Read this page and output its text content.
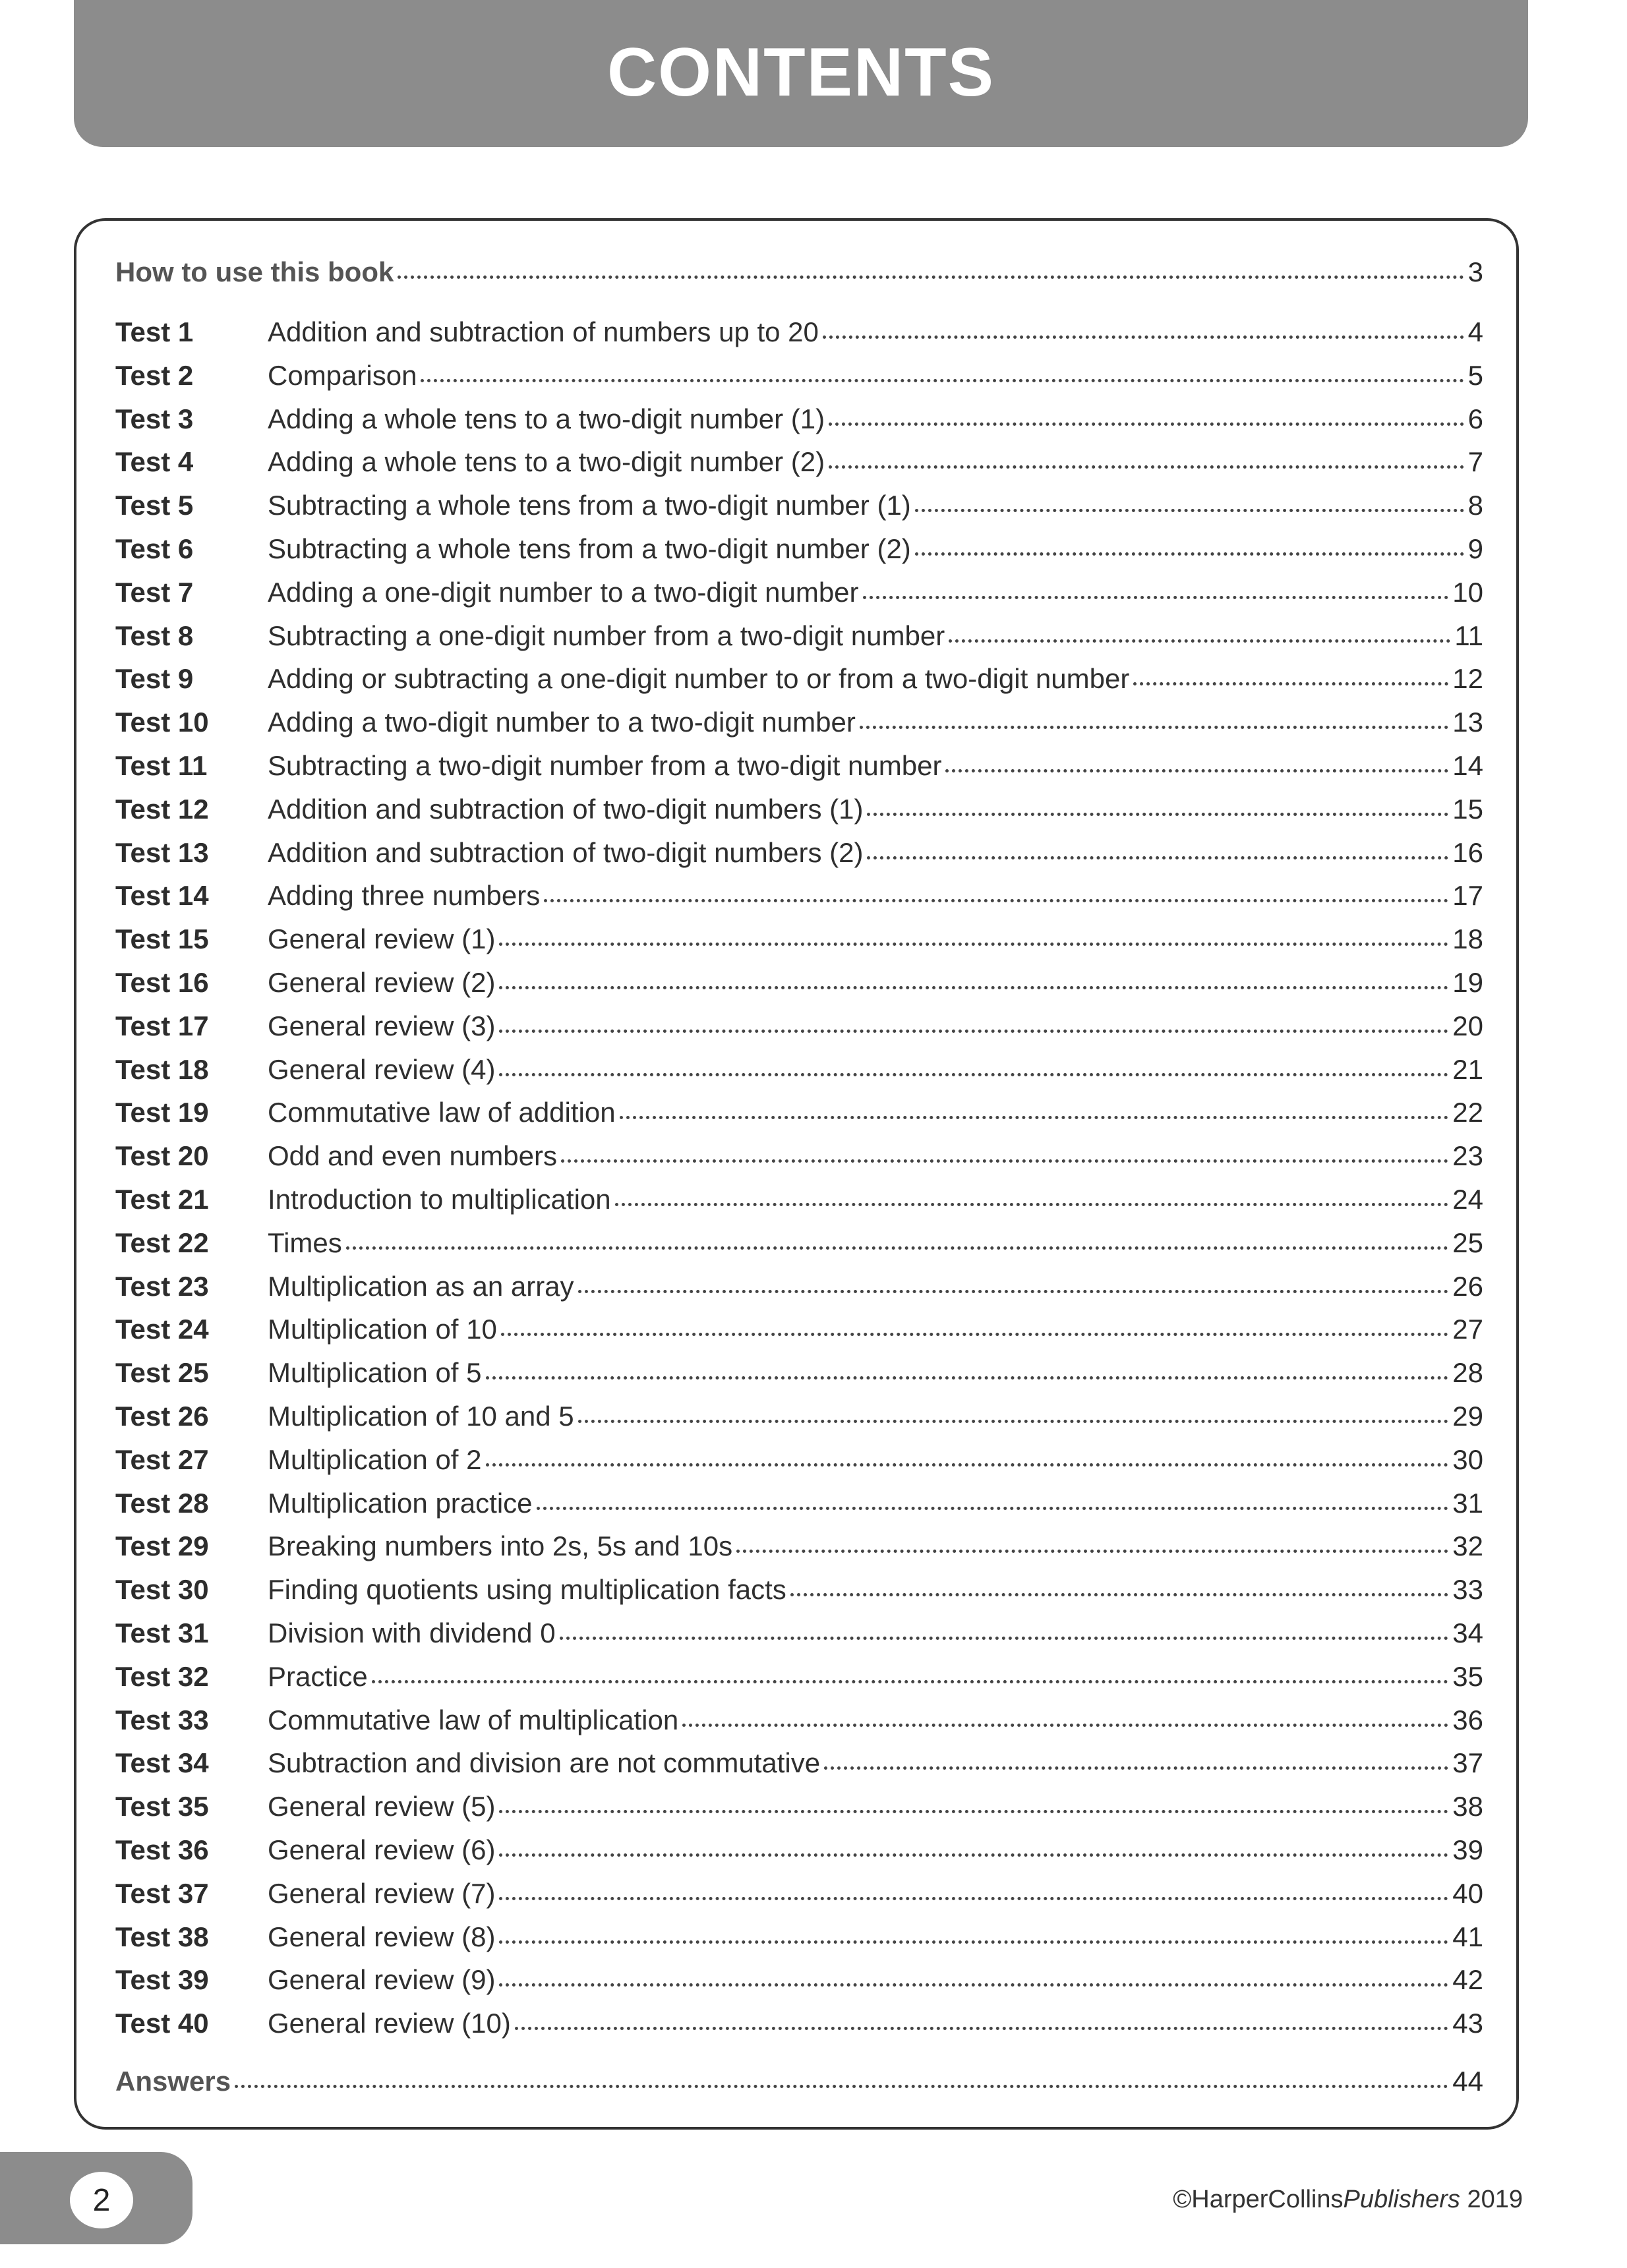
CONTENTS
How to use this book	3
Test 1	Addition and subtraction of numbers up to 20	4
Test 2	Comparison	5
Test 3	Adding a whole tens to a two-digit number (1)	6
Test 4	Adding a whole tens to a two-digit number (2)	7
Test 5	Subtracting a whole tens from a two-digit number (1)	8
Test 6	Subtracting a whole tens from a two-digit number (2)	9
Test 7	Adding a one-digit number to a two-digit number	10
Test 8	Subtracting a one-digit number from a two-digit number	11
Test 9	Adding or subtracting a one-digit number to or from a two-digit number	12
Test 10	Adding a two-digit number to a two-digit number	13
Test 11	Subtracting a two-digit number from a two-digit number	14
Test 12	Addition and subtraction of two-digit numbers (1)	15
Test 13	Addition and subtraction of two-digit numbers (2)	16
Test 14	Adding three numbers	17
Test 15	General review (1)	18
Test 16	General review (2)	19
Test 17	General review (3)	20
Test 18	General review (4)	21
Test 19	Commutative law of addition	22
Test 20	Odd and even numbers	23
Test 21	Introduction to multiplication	24
Test 22	Times	25
Test 23	Multiplication as an array	26
Test 24	Multiplication of 10	27
Test 25	Multiplication of 5	28
Test 26	Multiplication of 10 and 5	29
Test 27	Multiplication of 2	30
Test 28	Multiplication practice	31
Test 29	Breaking numbers into 2s, 5s and 10s	32
Test 30	Finding quotients using multiplication facts	33
Test 31	Division with dividend 0	34
Test 32	Practice	35
Test 33	Commutative law of multiplication	36
Test 34	Subtraction and division are not commutative	37
Test 35	General review (5)	38
Test 36	General review (6)	39
Test 37	General review (7)	40
Test 38	General review (8)	41
Test 39	General review (9)	42
Test 40	General review (10)	43
Answers	44
2	©HarperCollinsPublishers 2019
